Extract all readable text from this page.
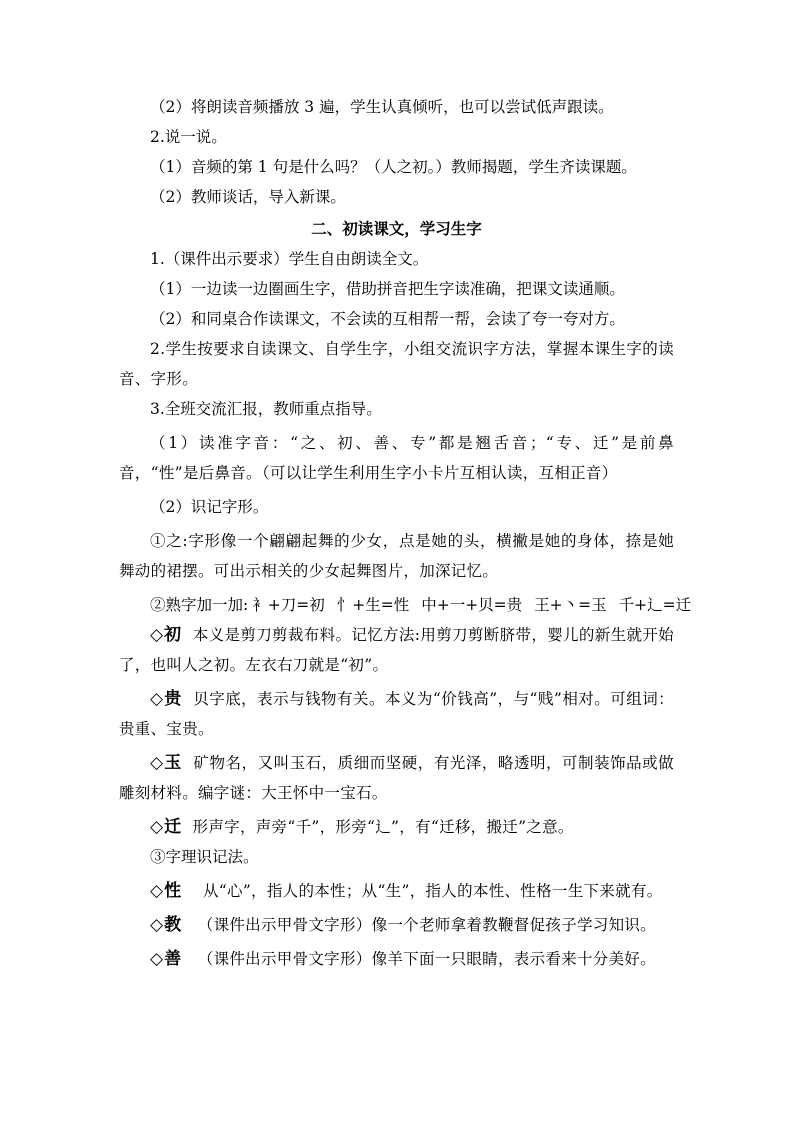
（2）将朗读音频播放 3 遍，学生认真倾听，也可以尝试低声跟读。

2.说一说。

（1）音频的第 1 句是什么吗？（人之初。）教师揭题，学生齐读课题。

（2）教师谈话，导入新课。

二、初读课文，学习生字

1.（课件出示要求）学生自由朗读全文。

（1）一边读一边圈画生字，借助拼音把生字读准确，把课文读通顺。

（2）和同桌合作读课文，不会读的互相帮一帮，会读了夸一夸对方。

2.学生按要求自读课文、自学生字，小组交流识字方法，掌握本课生字的读音、字形。

3.全班交流汇报，教师重点指导。

（1）读准字音：“之、初、善、专”都是翘舌音；“专、迁”是前鼻音，“性”是后鼻音。（可以让学生利用生字小卡片互相认读，互相正音）

（2）识记字形。

①之:字形像一个翩翩起舞的少女，点是她的头，横撇是她的身体，捺是她舞动的裙摆。可出示相关的少女起舞图片，加深记忆。

②熟字加一加: 衤+刀=初 忄+生=性 中+一+贝=贵 王+丶=玉 千+辶=迁

◇初 本义是剪刀剪裁布料。记忆方法:用剪刀剪断脐带，婴儿的新生就开始了，也叫人之初。左衣右刀就是“初”。

◇贵 贝字底，表示与钱物有关。本义为“价钱高”，与“贱”相对。可组词：贵重、宝贵。

◇玉 矿物名，又叫玉石，质细而坚硬，有光泽，略透明，可制装饰品或做雕刻材料。编字谜：大王怀中一宝石。

◇迁 形声字，声旁“千”，形旁“辶”，有“迁移，搬迁”之意。

③字理识记法。

◇性 从“心”，指人的本性；从“生”，指人的本性、性格一生下来就有。

◇教 （课件出示甲骨文字形）像一个老师拿着教鞭督促孩子学习知识。

◇善 （课件出示甲骨文字形）像羊下面一只眼睛，表示看来十分美好。
